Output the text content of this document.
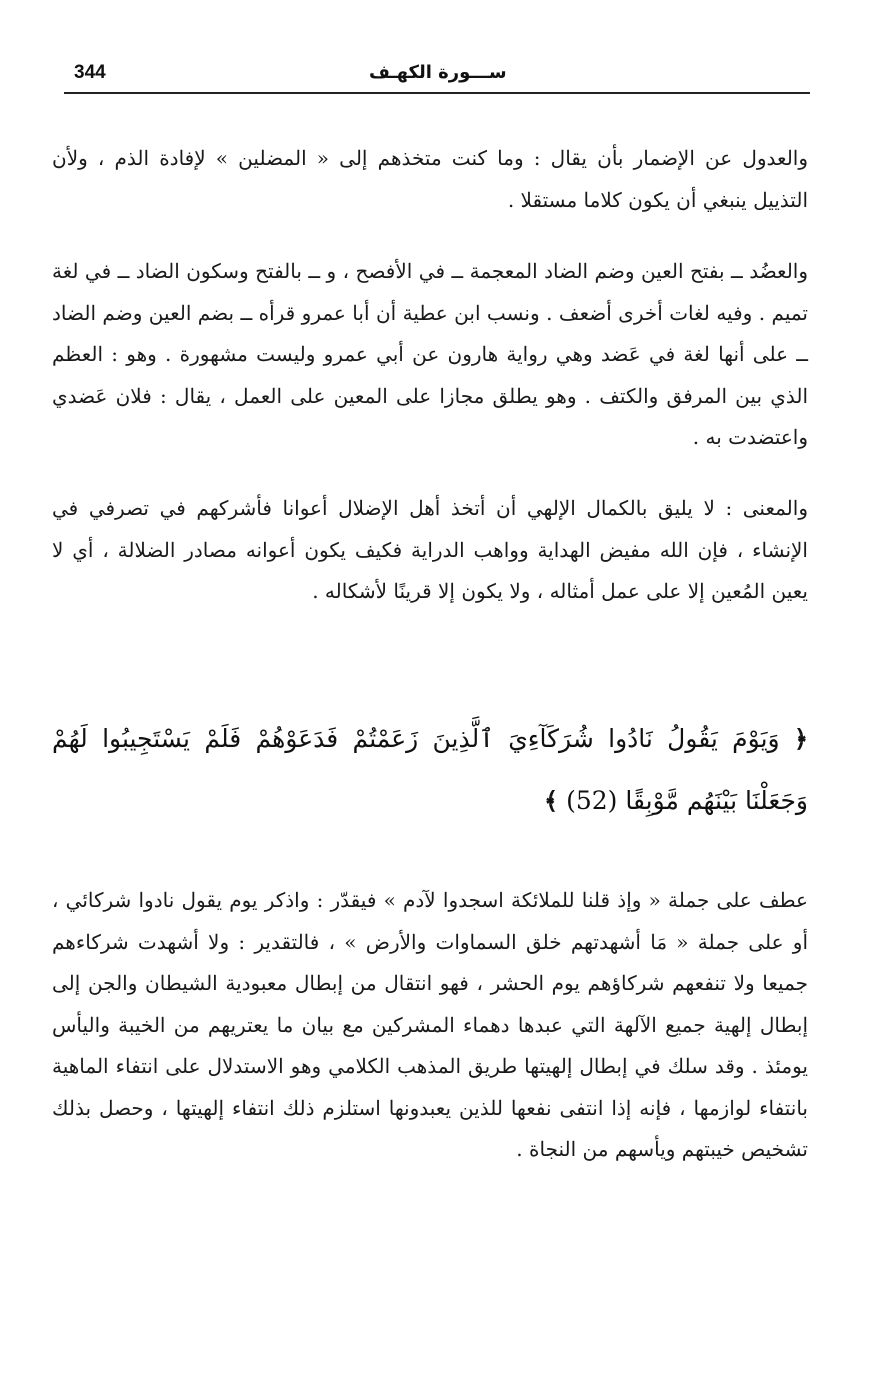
344	ســـورة الكهـف

والعدول عن الإضمار بأن يقال : وما كنت متخذهم إلى « المضلين » لإفادة الذم ، ولأن التذييل ينبغي أن يكون كلاما مستقلا .

والعضُد ــ بفتح العين وضم الضاد المعجمة ــ في الأفصح ، و ــ بالفتح وسكون الضاد ــ في لغة تميم . وفيه لغات أخرى أضعف . ونسب ابن عطية أن أبا عمرو قرأه ــ بضم العين وضم الضاد ــ على أنها لغة في عَضد وهي رواية هارون عن أبي عمرو وليست مشهورة . وهو : العظم الذي بين المرفق والكتف . وهو يطلق مجازا على المعين على العمل ، يقال : فلان عَضدي واعتضدت به .

والمعنى : لا يليق بالكمال الإلهي أن أتخذ أهل الإضلال أعوانا فأشركهم في تصرفي في الإنشاء ، فإن الله مفيض الهداية وواهب الدراية فكيف يكون أعوانه مصادر الضلالة ، أي لا يعين المُعين إلا على عمل أمثاله ، ولا يكون إلا قرينًا لأشكاله .

﴿ وَيَوْمَ يَقُولُ نَادُوا شُرَكَآءِيَ ٱلَّذِينَ زَعَمْتُمْ فَدَعَوْهُمْ فَلَمْ يَسْتَجِيبُوا لَهُمْ وَجَعَلْنَا بَيْنَهُم مَّوْبِقًا (52) ﴾

عطف على جملة « وإذ قلنا للملائكة اسجدوا لآدم » فيقدّر : واذكر يوم يقول نادوا شركائي ، أو على جملة « مَا أشهدتهم خلق السماوات والأرض » ، فالتقدير : ولا أشهدت شركاءهم جميعا ولا تنفعهم شركاؤهم يوم الحشر ، فهو انتقال من إبطال معبودية الشيطان والجن إلى إبطال إلهية جميع الآلهة التي عبدها دهماء المشركين مع بيان ما يعتريهم من الخيبة واليأس يومئذ . وقد سلك في إبطال إلهيتها طريق المذهب الكلامي وهو الاستدلال على انتفاء الماهية بانتفاء لوازمها ، فإنه إذا انتفى نفعها للذين يعبدونها استلزم ذلك انتفاء إلهيتها ، وحصل بذلك تشخيص خيبتهم ويأسهم من النجاة .
